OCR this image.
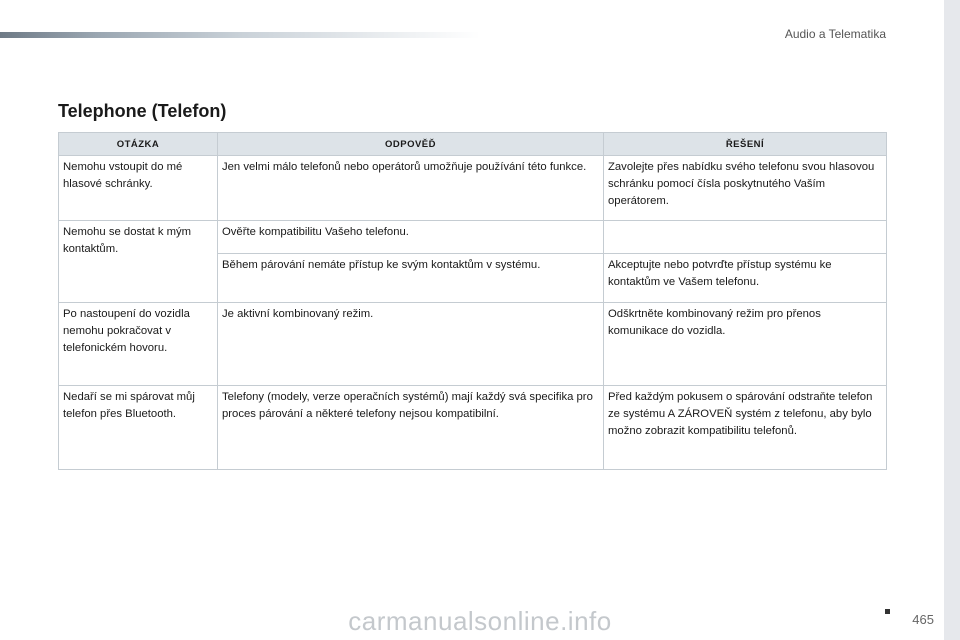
Audio a Telematika
Telephone (Telefon)
OTÁZKA	ODPOVĚĎ	ŘEŠENÍ
Nemohu vstoupit do mé hlasové schránky.	Jen velmi málo telefonů nebo operátorů umožňuje používání této funkce.	Zavolejte přes nabídku svého telefonu svou hlasovou schránku pomocí čísla poskytnutého Vaším operátorem.
Nemohu se dostat k mým kontaktům.	Ověřte kompatibilitu Vašeho telefonu.	
	Během párování nemáte přístup ke svým kontaktům v systému.	Akceptujte nebo potvrďte přístup systému ke kontaktům ve Vašem telefonu.
Po nastoupení do vozidla nemohu pokračovat v telefonickém hovoru.	Je aktivní kombinovaný režim.	Odškrtněte kombinovaný režim pro přenos komunikace do vozidla.
Nedaří se mi spárovat můj telefon přes Bluetooth.	Telefony (modely, verze operačních systémů) mají každý svá specifika pro proces párování a některé telefony nejsou kompatibilní.	Před každým pokusem o spárování odstraňte telefon ze systému A ZÁROVEŇ systém z telefonu, aby bylo možno zobrazit kompatibilitu telefonů.
carmanualsonline.info	465
